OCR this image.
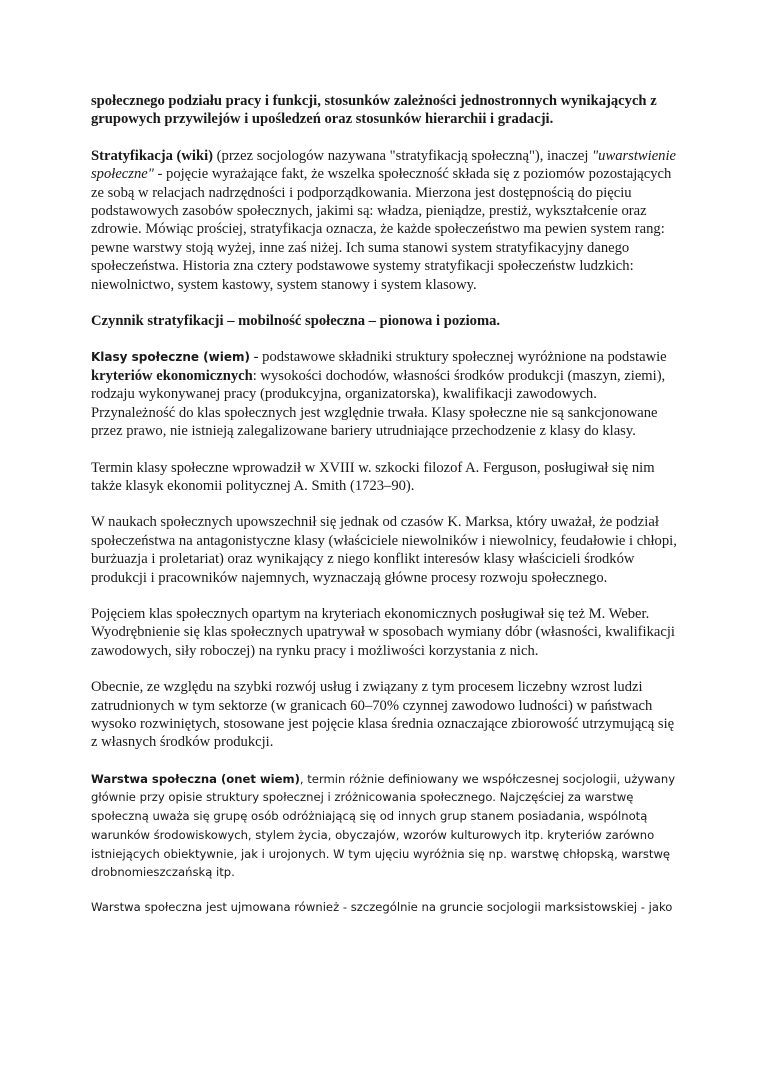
społecznego podziału pracy i funkcji, stosunków zależności jednostronnych wynikających z grupowych przywilejów i upośledzeń oraz stosunków hierarchii i gradacji.

Stratyfikacja (wiki) (przez socjologów nazywana "stratyfikacją społeczną"), inaczej "uwarstwienie społeczne" - pojęcie wyrażające fakt, że wszelka społeczność składa się z poziomów pozostających ze sobą w relacjach nadrzędności i podporządkowania. Mierzona jest dostępnością do pięciu podstawowych zasobów społecznych, jakimi są: władza, pieniądze, prestiż, wykształcenie oraz zdrowie. Mówiąc prościej, stratyfikacja oznacza, że każde społeczeństwo ma pewien system rang: pewne warstwy stoją wyżej, inne zaś niżej. Ich suma stanowi system stratyfikacyjny danego społeczeństwa. Historia zna cztery podstawowe systemy stratyfikacji społeczeństw ludzkich: niewolnictwo, system kastowy, system stanowy i system klasowy.

Czynnik stratyfikacji – mobilność społeczna – pionowa i pozioma.

Klasy społeczne (wiem) - podstawowe składniki struktury społecznej wyróżnione na podstawie kryteriów ekonomicznych: wysokości dochodów, własności środków produkcji (maszyn, ziemi), rodzaju wykonywanej pracy (produkcyjna, organizatorska), kwalifikacji zawodowych. Przynależność do klas społecznych jest względnie trwała. Klasy społeczne nie są sankcjonowane przez prawo, nie istnieją zalegalizowane bariery utrudniające przechodzenie z klasy do klasy.

Termin klasy społeczne wprowadził w XVIII w. szkocki filozof A. Ferguson, posługiwał się nim także klasyk ekonomii politycznej A. Smith (1723–90).

W naukach społecznych upowszechnił się jednak od czasów K. Marksa, który uważał, że podział społeczeństwa na antagonistyczne klasy (właściciele niewolników i niewolnicy, feudałowie i chłopi, burżuazja i proletariat) oraz wynikający z niego konflikt interesów klasy właścicieli środków produkcji i pracowników najemnych, wyznaczają główne procesy rozwoju społecznego.

Pojęciem klas społecznych opartym na kryteriach ekonomicznych posługiwał się też M. Weber. Wyodrębnienie się klas społecznych upatrywał w sposobach wymiany dóbr (własności, kwalifikacji zawodowych, siły roboczej) na rynku pracy i możliwości korzystania z nich.

Obecnie, ze względu na szybki rozwój usług i związany z tym procesem liczebny wzrost ludzi zatrudnionych w tym sektorze (w granicach 60–70% czynnej zawodowo ludności) w państwach wysoko rozwiniętych, stosowane jest pojęcie klasa średnia oznaczające zbiorowość utrzymującą się z własnych środków produkcji.

Warstwa społeczna (onet wiem), termin różnie definiowany we współczesnej socjologii, używany głównie przy opisie struktury społecznej i zróżnicowania społecznego. Najczęściej za warstwę społeczną uważa się grupę osób odróżniającą się od innych grup stanem posiadania, wspólnotą warunków środowiskowych, stylem życia, obyczajów, wzorów kulturowych itp. kryteriów zarówno istniejących obiektywnie, jak i urojonych. W tym ujęciu wyróżnia się np. warstwę chłopską, warstwę drobnomieszczańską itp.

Warstwa społeczna jest ujmowana również - szczególnie na gruncie socjologii marksistowskiej - jako
